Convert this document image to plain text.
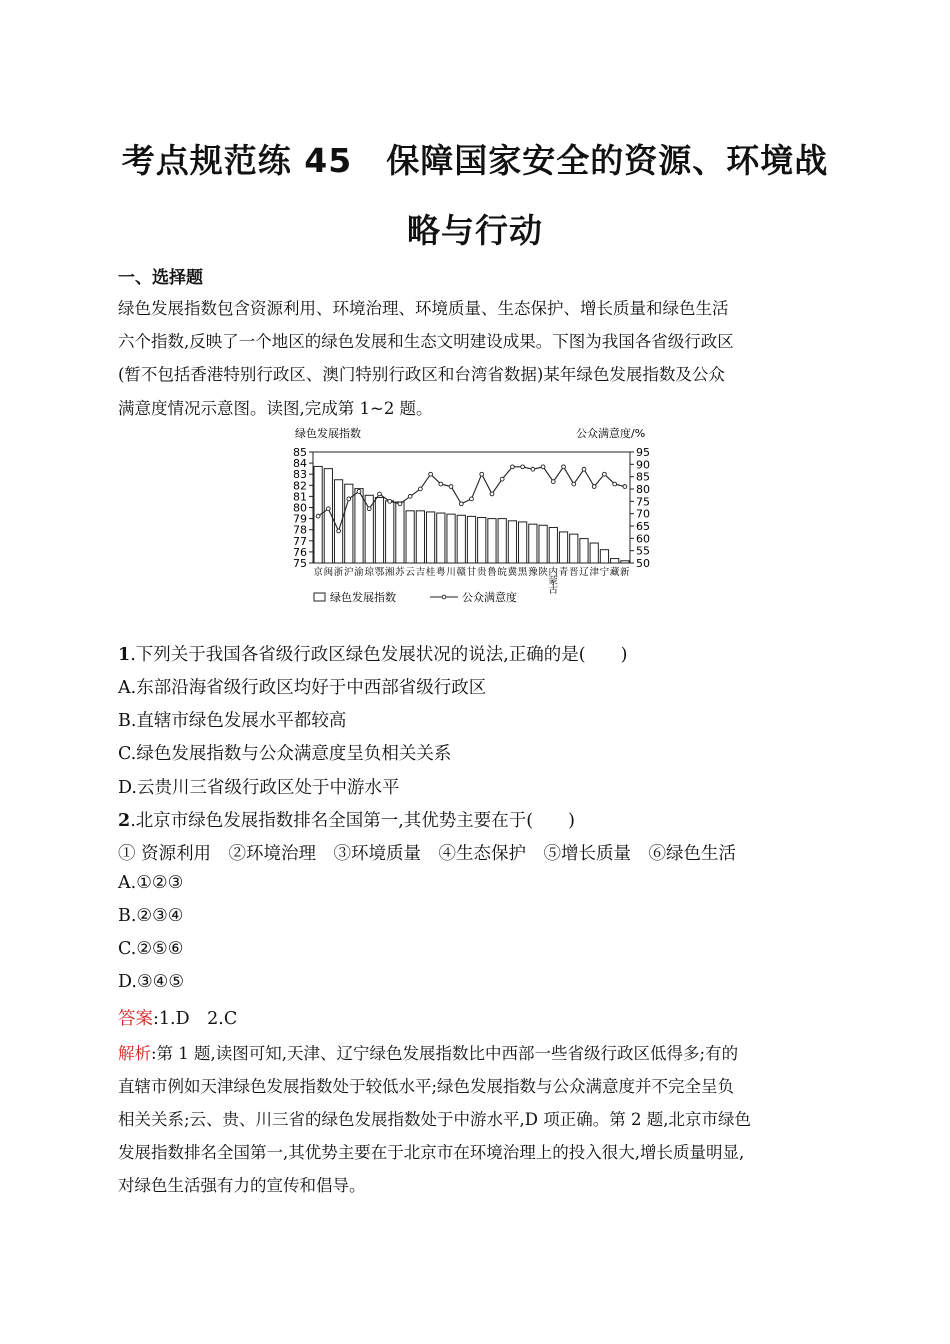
考点规范练 45　保障国家安全的资源、环境战
略与行动
一、选择题
绿色发展指数包含资源利用、环境治理、环境质量、生态保护、增长质量和绿色生活
六个指数,反映了一个地区的绿色发展和生态文明建设成果。下图为我国各省级行政区
(暂不包括香港特别行政区、澳门特别行政区和台湾省数据)某年绿色发展指数及公众
满意度情况示意图。读图,完成第 1~2 题。
绿色发展指数	公众满意度/%
85
84
83
82
81
80
79
78
77
76
75
95
90
85
80
75
70
65
60
55
50
京 闽 浙 沪 渝 琼 鄂 湘 苏 云 吉 桂 粤 川 赣 甘 贵 鲁 皖 冀 黑 豫 陕 内 青 晋 辽 津 宁 藏 新
蒙
古
绿色发展指数	公众满意度
1.下列关于我国各省级行政区绿色发展状况的说法,正确的是(　　)
A.东部沿海省级行政区均好于中西部省级行政区
B.直辖市绿色发展水平都较高
C.绿色发展指数与公众满意度呈负相关关系
D.云贵川三省级行政区处于中游水平
2.北京市绿色发展指数排名全国第一,其优势主要在于(　　)
① 资源利用　②环境治理　③环境质量　④生态保护　⑤增长质量　⑥绿色生活
A.①②③
B.②③④
C.②⑤⑥
D.③④⑤
答案:1.D　2.C
解析:第 1 题,读图可知,天津、辽宁绿色发展指数比中西部一些省级行政区低得多;有的
直辖市例如天津绿色发展指数处于较低水平;绿色发展指数与公众满意度并不完全呈负
相关关系;云、贵、川三省的绿色发展指数处于中游水平,D 项正确。第 2 题,北京市绿色
发展指数排名全国第一,其优势主要在于北京市在环境治理上的投入很大,增长质量明显,
对绿色生活强有力的宣传和倡导。
